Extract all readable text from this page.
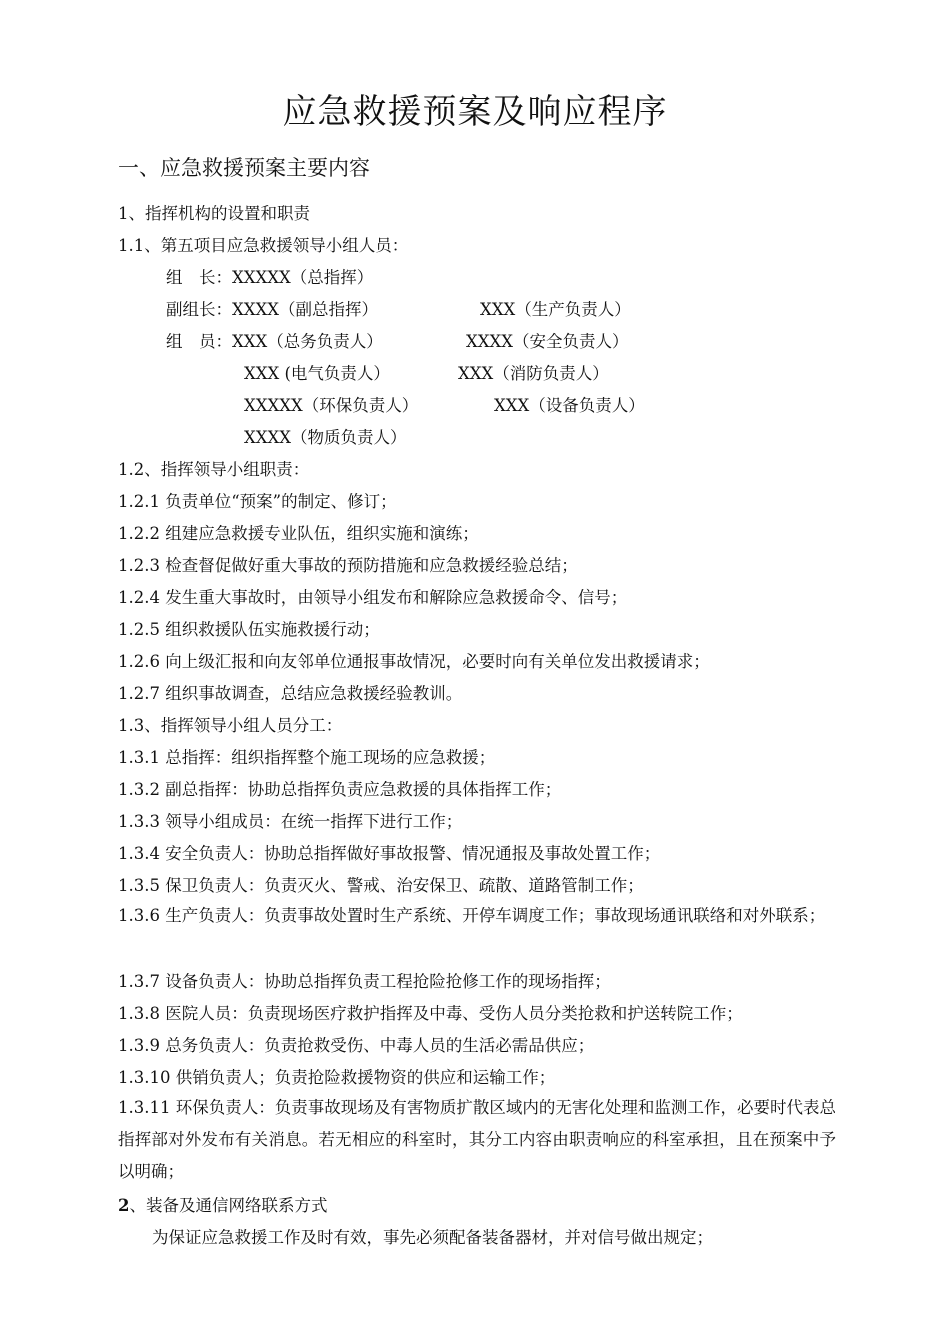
应急救援预案及响应程序
一、应急救援预案主要内容
1、指挥机构的设置和职责
1.1、第五项目应急救援领导小组人员：
组　长：XXXXX（总指挥）
副组长：XXXX（副总指挥）	XXX（生产负责人）
组　员：XXX（总务负责人）	XXXX（安全负责人）
XXX (电气负责人）	XXX（消防负责人）
XXXXX（环保负责人）	XXX（设备负责人）
XXXX（物质负责人）
1.2、指挥领导小组职责：
1.2.1 负责单位“预案”的制定、修订；
1.2.2 组建应急救援专业队伍，组织实施和演练；
1.2.3 检查督促做好重大事故的预防措施和应急救援经验总结；
1.2.4 发生重大事故时，由领导小组发布和解除应急救援命令、信号；
1.2.5 组织救援队伍实施救援行动；
1.2.6 向上级汇报和向友邻单位通报事故情况，必要时向有关单位发出救援请求；
1.2.7 组织事故调查，总结应急救援经验教训。
1.3、指挥领导小组人员分工：
1.3.1 总指挥：组织指挥整个施工现场的应急救援；
1.3.2 副总指挥：协助总指挥负责应急救援的具体指挥工作；
1.3.3 领导小组成员：在统一指挥下进行工作；
1.3.4 安全负责人：协助总指挥做好事故报警、情况通报及事故处置工作；
1.3.5 保卫负责人：负责灭火、警戒、治安保卫、疏散、道路管制工作；
1.3.6 生产负责人：负责事故处置时生产系统、开停车调度工作；事故现场通讯联络和对外联系；
1.3.7 设备负责人：协助总指挥负责工程抢险抢修工作的现场指挥；
1.3.8 医院人员：负责现场医疗救护指挥及中毒、受伤人员分类抢救和护送转院工作；
1.3.9 总务负责人：负责抢救受伤、中毒人员的生活必需品供应；
1.3.10 供销负责人；负责抢险救援物资的供应和运输工作；
1.3.11 环保负责人：负责事故现场及有害物质扩散区域内的无害化处理和监测工作，必要时代表总指挥部对外发布有关消息。若无相应的科室时，其分工内容由职责响应的科室承担，且在预案中予以明确；
2、装备及通信网络联系方式
为保证应急救援工作及时有效，事先必须配备装备器材，并对信号做出规定；
